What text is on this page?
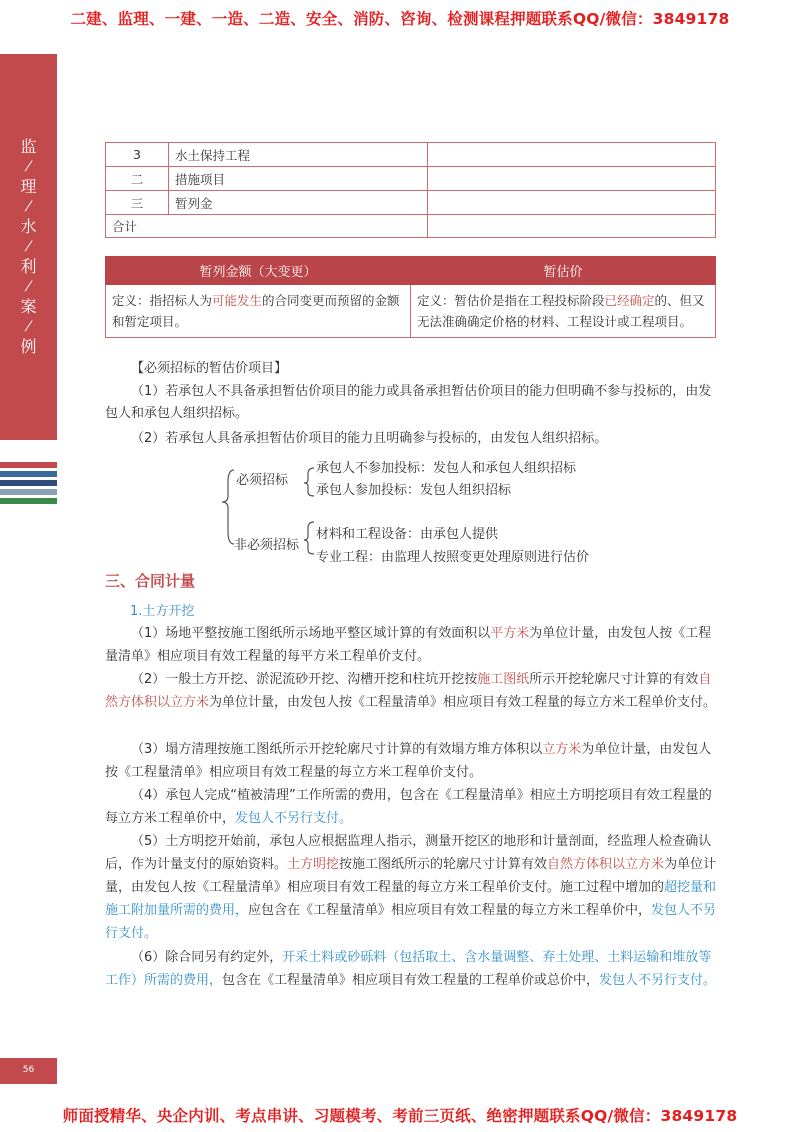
二建、监理、一建、一造、二造、安全、消防、咨询、检测课程押题联系QQ/微信：3849178
监
/
理
/
水
/
利
/
案
/
例
3	水土保持工程	
二	措施项目	
三	暂列金	
合计		
暂列金额（大变更）	暂估价
定义：指招标人为可能发生的合同变更而预留的金额和暂定项目。	定义：暂估价是指在工程投标阶段已经确定的、但又无法准确确定价格的材料、工程设计或工程项目。
【必须招标的暂估价项目】
（1）若承包人不具备承担暂估价项目的能力或具备承担暂估价项目的能力但明确不参与投标的，由发包人和承包人组织招标。
（2）若承包人具备承担暂估价项目的能力且明确参与投标的，由发包人组织招标。
必须招标
承包人不参加投标：发包人和承包人组织招标
承包人参加投标：发包人组织招标
非必须招标
材料和工程设备：由承包人提供
专业工程：由监理人按照变更处理原则进行估价
三、合同计量
1.土方开挖
（1）场地平整按施工图纸所示场地平整区域计算的有效面积以平方米为单位计量，由发包人按《工程量清单》相应项目有效工程量的每平方米工程单价支付。
（2）一般土方开挖、淤泥流砂开挖、沟槽开挖和柱坑开挖按施工图纸所示开挖轮廓尺寸计算的有效自然方体积以立方米为单位计量，由发包人按《工程量清单》相应项目有效工程量的每立方米工程单价支付。
（3）塌方清理按施工图纸所示开挖轮廓尺寸计算的有效塌方堆方体积以立方米为单位计量，由发包人按《工程量清单》相应项目有效工程量的每立方米工程单价支付。
（4）承包人完成“植被清理”工作所需的费用，包含在《工程量清单》相应土方明挖项目有效工程量的每立方米工程单价中，发包人不另行支付。
（5）土方明挖开始前，承包人应根据监理人指示，测量开挖区的地形和计量剖面，经监理人检查确认后，作为计量支付的原始资料。土方明挖按施工图纸所示的轮廓尺寸计算有效自然方体积以立方米为单位计量，由发包人按《工程量清单》相应项目有效工程量的每立方米工程单价支付。施工过程中增加的超挖量和施工附加量所需的费用，应包含在《工程量清单》相应项目有效工程量的每立方米工程单价中，发包人不另行支付。
（6）除合同另有约定外，开采土料或砂砾料（包括取土、含水量调整、弃土处理、土料运输和堆放等工作）所需的费用，包含在《工程量清单》相应项目有效工程量的工程单价或总价中，发包人不另行支付。
56
师面授精华、央企内训、考点串讲、习题模考、考前三页纸、绝密押题联系QQ/微信：3849178
